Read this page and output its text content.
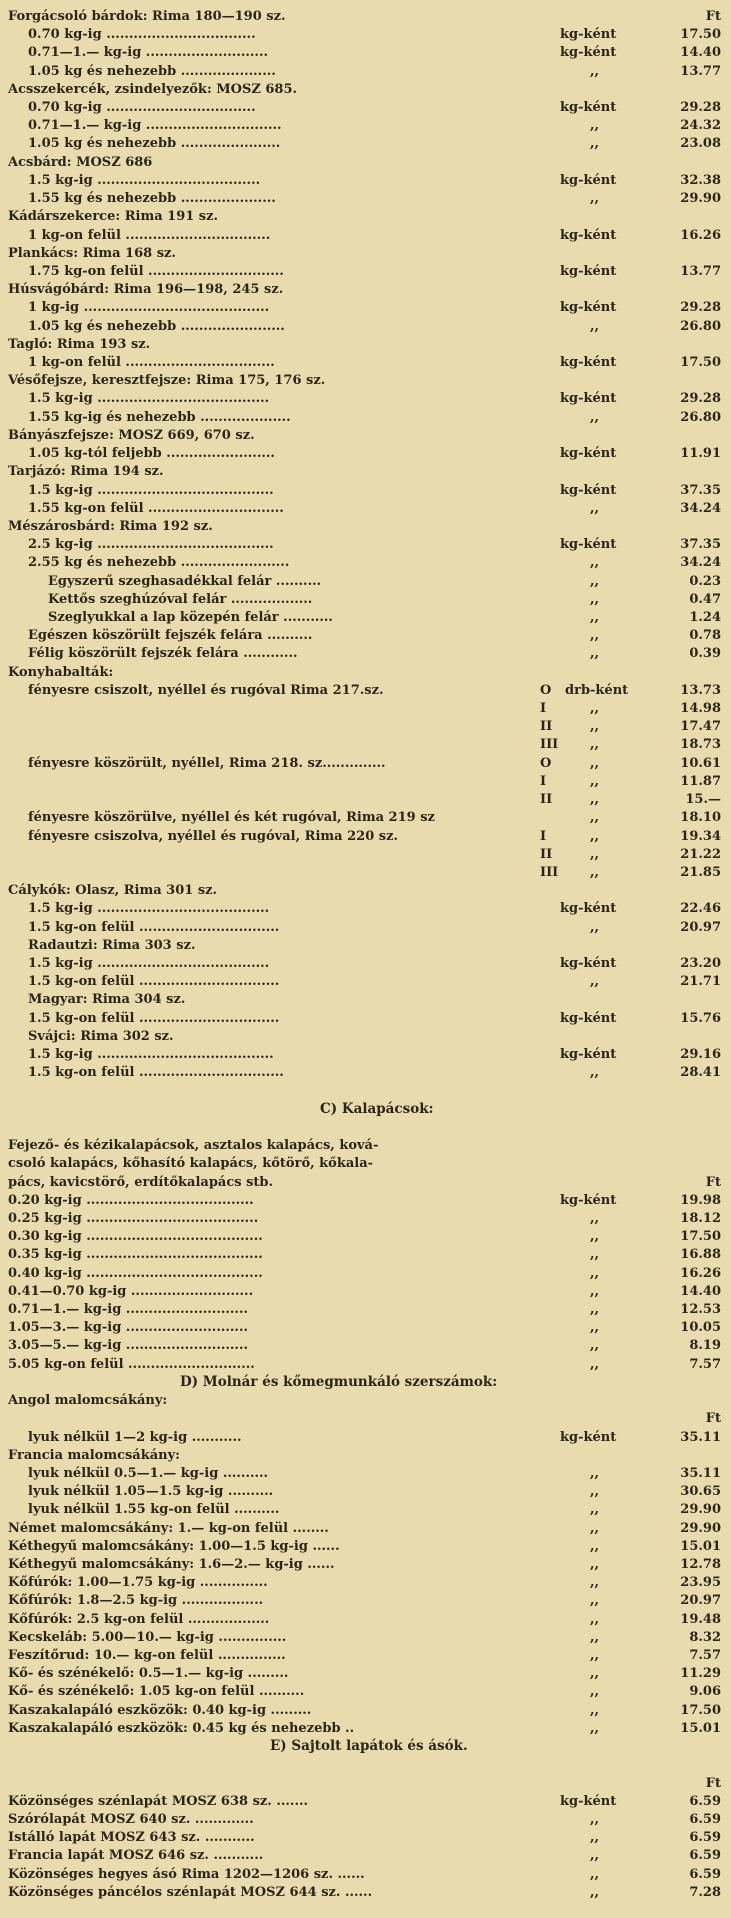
Forgácsoló bárdok: Rima 180—190 sz.	Ft
0.70 kg-ig .................................	kg-ként	17.50
0.71—1.— kg-ig ...........................	kg-ként	14.40
1.05 kg és nehezebb .....................	,,	13.77
Acsszekercék, zsindelyezők: MOSZ 685.
0.70 kg-ig .................................	kg-ként	29.28
0.71—1.— kg-ig ..............................	,,	24.32
1.05 kg és nehezebb ......................	,,	23.08
Acsbárd: MOSZ 686
1.5 kg-ig ....................................	kg-ként	32.38
1.55 kg és nehezebb .....................	,,	29.90
Kádárszekerce: Rima 191 sz.
1 kg-on felül ................................	kg-ként	16.26
Plankács: Rima 168 sz.
1.75 kg-on felül ..............................	kg-ként	13.77
Húsvágóbárd: Rima 196—198, 245 sz.
1 kg-ig .........................................	kg-ként	29.28
1.05 kg és nehezebb .......................	,,	26.80
Tagló: Rima 193 sz.
1 kg-on felül .................................	kg-ként	17.50
Vésőfejsze, keresztfejsze: Rima 175, 176 sz.
1.5 kg-ig ......................................	kg-ként	29.28
1.55 kg-ig és nehezebb ....................	,,	26.80
Bányászfejsze: MOSZ 669, 670 sz.
1.05 kg-tól feljebb ........................	kg-ként	11.91
Tarjázó: Rima 194 sz.
1.5 kg-ig .......................................	kg-ként	37.35
1.55 kg-on felül ..............................	,,	34.24
Mészárosbárd: Rima 192 sz.
2.5 kg-ig .......................................	kg-ként	37.35
2.55 kg és nehezebb ........................	,,	34.24
Egyszerű szeghasadékkal felár ..........	,,	0.23
Kettős szeghúzóval felár ..................	,,	0.47
Szeglyukkal a lap közepén felár ...........	,,	1.24
Egészen köszörült fejszék felára ..........	,,	0.78
Félig köszörült fejszék felára ............	,,	0.39
Konyhabalták:
fényesre csiszolt, nyéllel és rugóval Rima 217.sz.	O drb-ként	13.73
I	,,	14.98
II	,,	17.47
III ,,	18.73
fényesre köszörült, nyéllel, Rima 218. sz..............	O	,,	10.61
I	,,	11.87
II	,,	15.—
fényesre köszörülve, nyéllel és két rugóval, Rima 219 sz	,,	18.10
fényesre csiszolva, nyéllel és rugóval, Rima 220 sz.	I	,,	19.34
II	,,	21.22
III ,,	21.85
Cálykók: Olasz, Rima 301 sz.
1.5 kg-ig ......................................	kg-ként	22.46
1.5 kg-on felül ...............................	,,	20.97
Radautzi: Rima 303 sz.
1.5 kg-ig ......................................	kg-ként	23.20
1.5 kg-on felül ...............................	,,	21.71
Magyar: Rima 304 sz.
1.5 kg-on felül ...............................	kg-ként	15.76
Svájci: Rima 302 sz.
1.5 kg-ig .......................................	kg-ként	29.16
1.5 kg-on felül ................................	,,	28.41
C) Kalapácsok:
Fejező- és kézikalapácsok, asztalos kalapács, ková-
csoló kalapács, kőhasító kalapács, kőtörő, kőkala-
pács, kavicstörő, erdítőkalapács stb.	Ft
0.20 kg-ig .....................................	kg-ként	19.98
0.25 kg-ig ......................................	,,	18.12
0.30 kg-ig .......................................	,,	17.50
0.35 kg-ig .......................................	,,	16.88
0.40 kg-ig .......................................	,,	16.26
0.41—0.70 kg-ig ...........................	,,	14.40
0.71—1.— kg-ig ...........................	,,	12.53
1.05—3.— kg-ig ...........................	,,	10.05
3.05—5.— kg-ig ...........................	,,	8.19
5.05 kg-on felül ............................	,,	7.57
D) Molnár és kőmegmunkáló szerszámok:
Angol malomcsákány:
Ft
lyuk nélkül 1—2 kg-ig ...........	kg-ként	35.11
Francia malomcsákány:
lyuk nélkül 0.5—1.— kg-ig ..........	,,	35.11
lyuk nélkül 1.05—1.5 kg-ig ..........	,,	30.65
lyuk nélkül 1.55 kg-on felül ..........	,,	29.90
Német malomcsákány: 1.— kg-on felül ........	,,	29.90
Kéthegyű malomcsákány: 1.00—1.5 kg-ig ......	,,	15.01
Kéthegyű malomcsákány: 1.6—2.— kg-ig ......	,,	12.78
Kőfúrók: 1.00—1.75 kg-ig ...............	,,	23.95
Kőfúrók: 1.8—2.5 kg-ig ..................	,,	20.97
Kőfúrók: 2.5 kg-on felül ..................	,,	19.48
Kecskeláb: 5.00—10.— kg-ig ...............	,,	8.32
Feszítőrud: 10.— kg-on felül ...............	,,	7.57
Kő- és szénékelő: 0.5—1.— kg-ig .........	,,	11.29
Kő- és szénékelő: 1.05 kg-on felül ..........	,,	9.06
Kaszakalapáló eszközök: 0.40 kg-ig .........	,,	17.50
Kaszakalapáló eszközök: 0.45 kg és nehezebb ..	,,	15.01
E) Sajtolt lapátok és ásók.
Ft
Közönséges szénlapát MOSZ 638 sz. .......	kg-ként	6.59
Szórólapát MOSZ 640 sz. .............	,,	6.59
Istálló lapát MOSZ 643 sz. ...........	,,	6.59
Francia lapát MOSZ 646 sz. ...........	,,	6.59
Közönséges hegyes ásó Rima 1202—1206 sz. ......	,,	6.59
Közönséges páncélos szénlapát MOSZ 644 sz. ......	,,	7.28
